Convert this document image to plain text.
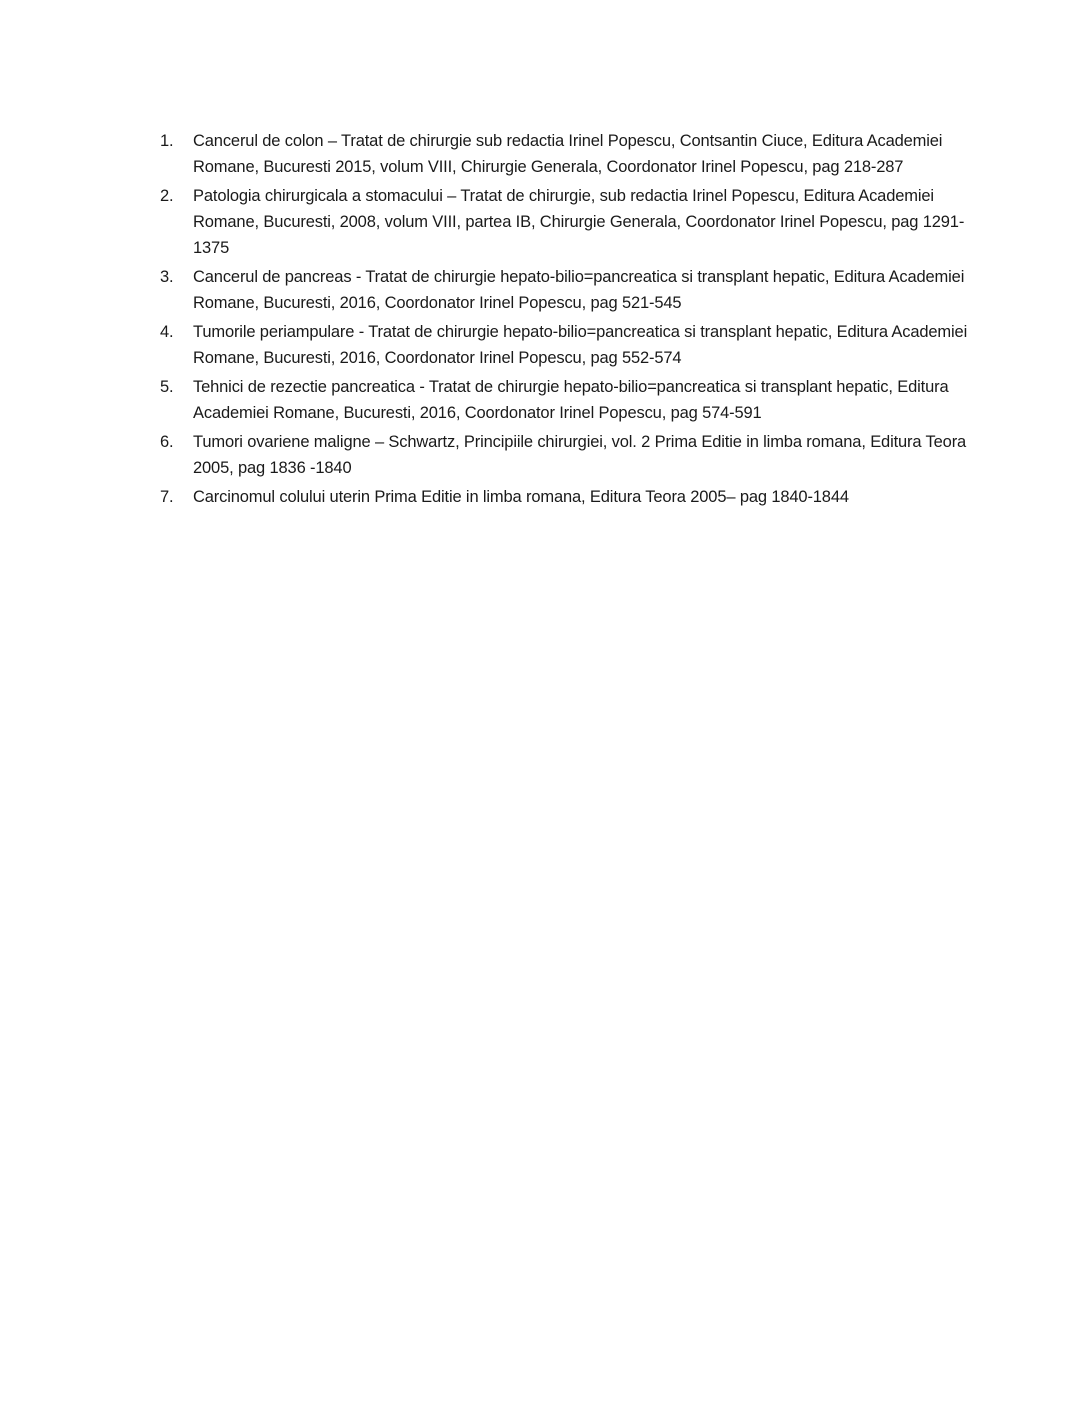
1.	Cancerul de colon – Tratat de chirurgie sub redactia Irinel Popescu, Contsantin Ciuce, Editura Academiei Romane, Bucuresti 2015, volum VIII, Chirurgie Generala, Coordonator Irinel Popescu, pag 218-287
2.	Patologia chirurgicala a stomacului – Tratat de chirurgie, sub redactia Irinel Popescu, Editura Academiei Romane, Bucuresti, 2008, volum VIII, partea IB, Chirurgie Generala, Coordonator Irinel Popescu, pag 1291-1375
3.	Cancerul de pancreas - Tratat de chirurgie hepato-bilio=pancreatica si transplant hepatic, Editura Academiei Romane, Bucuresti, 2016, Coordonator Irinel Popescu, pag 521-545
4.	Tumorile periampulare - Tratat de chirurgie hepato-bilio=pancreatica si transplant hepatic, Editura Academiei Romane, Bucuresti, 2016, Coordonator Irinel Popescu, pag 552-574
5.	Tehnici de rezectie pancreatica - Tratat de chirurgie hepato-bilio=pancreatica si transplant hepatic, Editura Academiei Romane, Bucuresti, 2016, Coordonator Irinel Popescu, pag 574-591
6.	Tumori ovariene maligne – Schwartz, Principiile chirurgiei, vol. 2 Prima Editie in limba romana, Editura Teora 2005, pag 1836 -1840
7.	Carcinomul colului uterin Prima Editie in limba romana, Editura Teora 2005– pag 1840-1844
